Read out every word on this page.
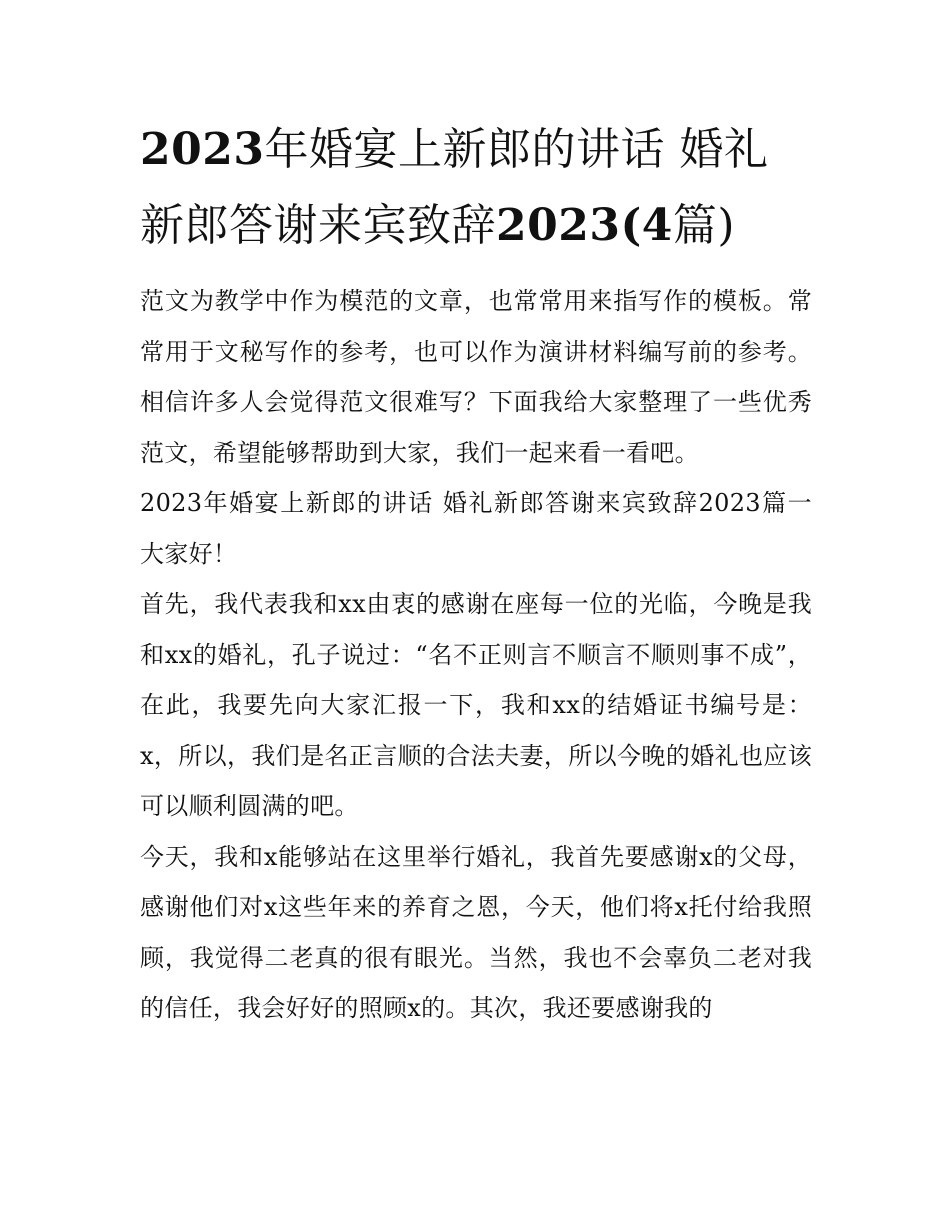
2023年婚宴上新郎的讲话 婚礼新郎答谢来宾致辞2023(4篇)

范文为教学中作为模范的文章，也常常用来指写作的模板。常常用于文秘写作的参考，也可以作为演讲材料编写前的参考。相信许多人会觉得范文很难写？下面我给大家整理了一些优秀范文，希望能够帮助到大家，我们一起来看一看吧。

2023年婚宴上新郎的讲话 婚礼新郎答谢来宾致辞2023篇一 大家好！

首先，我代表我和xx由衷的感谢在座每一位的光临，今晚是我和xx的婚礼，孔子说过：“名不正则言不顺言不顺则事不成”，在此，我要先向大家汇报一下，我和xx的结婚证书编号是：x，所以，我们是名正言顺的合法夫妻，所以今晚的婚礼也应该可以顺利圆满的吧。

今天，我和x能够站在这里举行婚礼，我首先要感谢x的父母，感谢他们对x这些年来的养育之恩，今天，他们将x托付给我照顾，我觉得二老真的很有眼光。当然，我也不会辜负二老对我的信任，我会好好的照顾x的。其次，我还要感谢我的
